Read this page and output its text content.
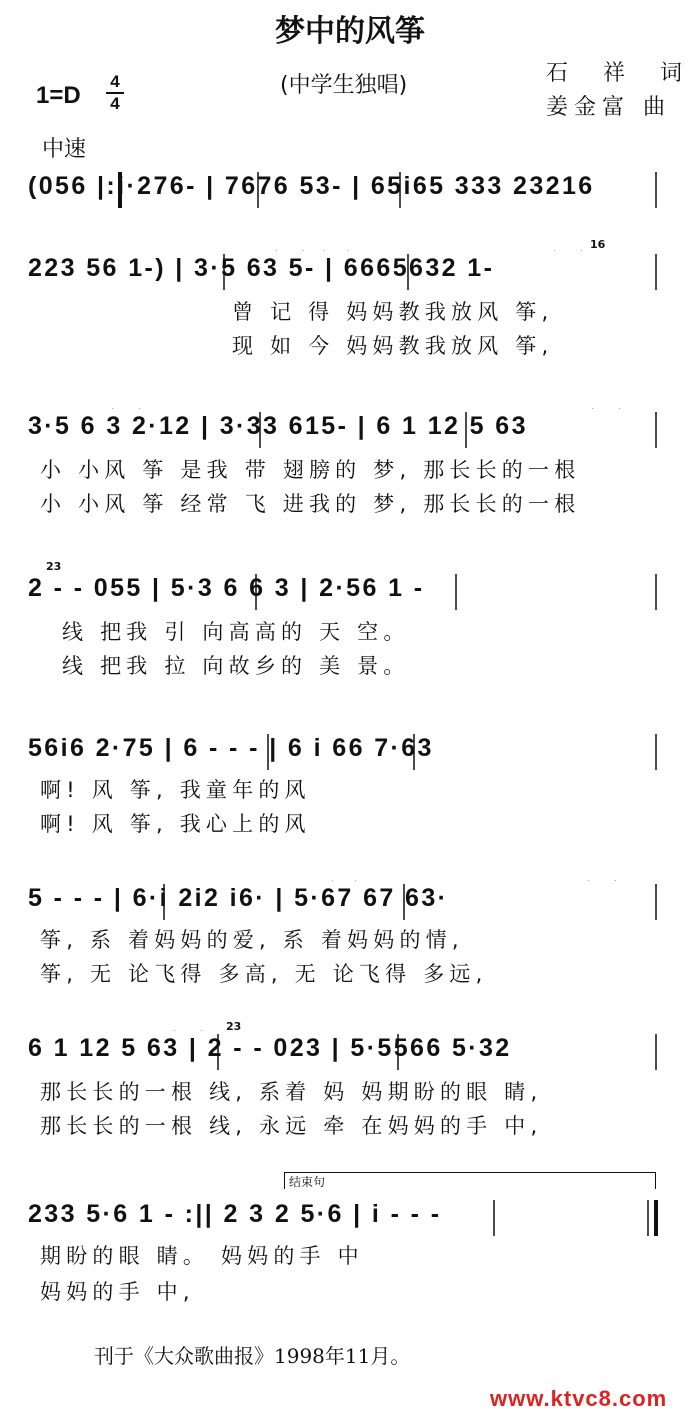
梦中的风筝
1=D
4
4
(中学生独唱)	石 祥 词
姜金富 曲
中速
(056 |:i·276- | 7676 53- | 65i65 333 23216
223 56 1-) | 3·5 63 5- | 6665632 1-
16
曾 记 得 妈妈教我放风 筝,
现 如 今 妈妈教我放风 筝,
3·5 6 3 2·12 | 3·33 615- | 6 1 12 5 63
小 小风 筝 是我 带 翅膀的 梦, 那长长的一根
小 小风 筝 经常 飞 进我的 梦, 那长长的一根
2 - - 055 | 5·3 6 6 3 | 2·56 1 -
23
线 把我 引 向高高的 天 空。
线 把我 拉 向故乡的 美 景。
56i6 2·75 | 6 - - - | 6 i 66 7·63
啊! 风 筝, 我童年的风
啊! 风 筝, 我心上的风
5 - - - | 6·i 2i2 i6· | 5·67 67 63·
筝, 系 着妈妈的爱, 系 着妈妈的情,
筝, 无 论飞得 多高, 无 论飞得 多远,
6 1 12 5 63 | 2 - - 023 | 5·5566 5·32
23
那长长的一根 线, 系着 妈 妈期盼的眼 睛,
那长长的一根 线, 永远 牵 在妈妈的手 中,
结束句
233 5·6 1 - :|| 2 3 2 5·6 | i - - -
期盼的眼 睛。 妈妈的手 中
妈妈的手 中,
刊于《大众歌曲报》1998年11月。
www.ktvc8.com
